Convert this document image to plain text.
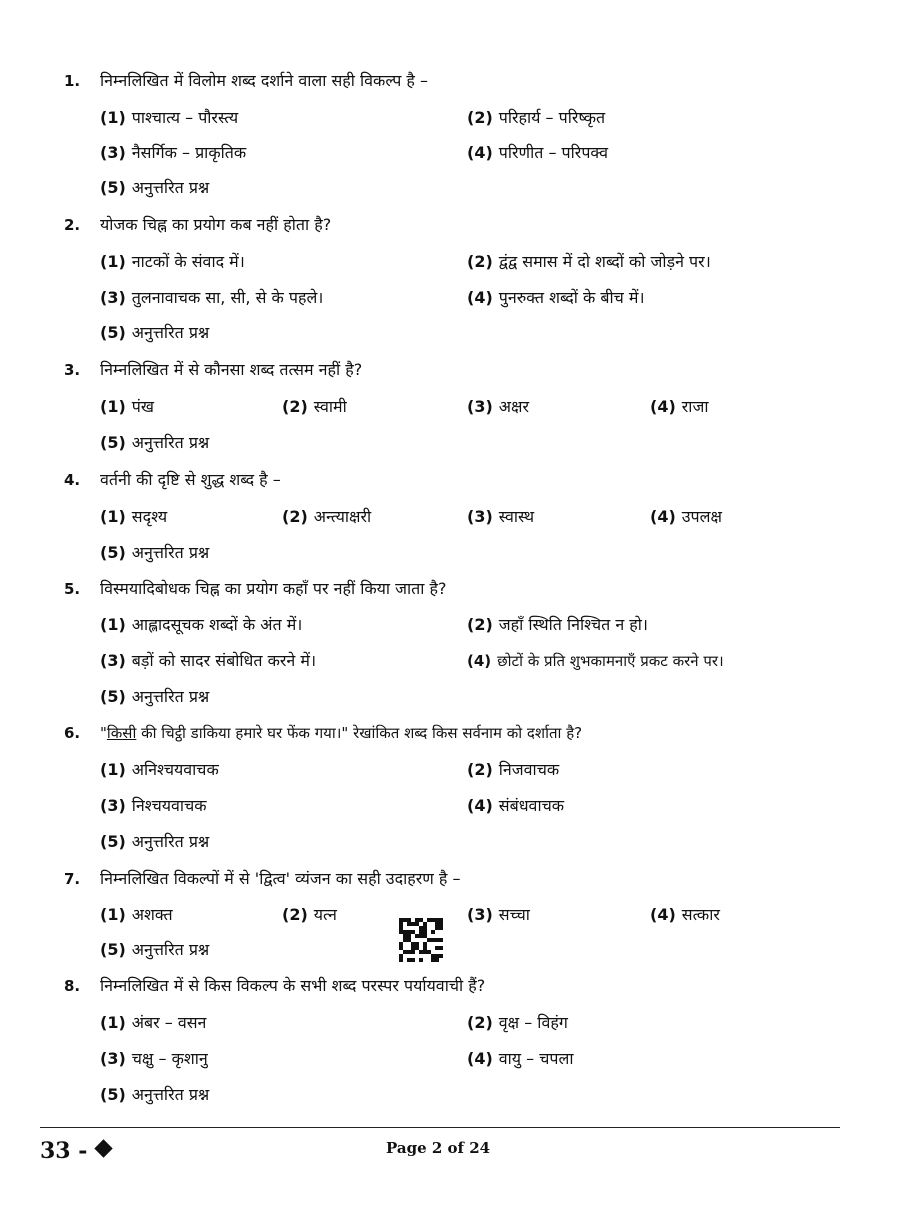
1. निम्नलिखित में विलोम शब्द दर्शाने वाला सही विकल्प है –
(1) पाश्चात्य – पौरस्त्य	(2) परिहार्य – परिष्कृत
(3) नैसर्गिक – प्राकृतिक	(4) परिणीत – परिपक्व
(5) अनुत्तरित प्रश्न
2. योजक चिह्न का प्रयोग कब नहीं होता है?
(1) नाटकों के संवाद में।	(2) द्वंद्व समास में दो शब्दों को जोड़ने पर।
(3) तुलनावाचक सा, सी, से के पहले।	(4) पुनरुक्त शब्दों के बीच में।
(5) अनुत्तरित प्रश्न
3. निम्नलिखित में से कौनसा शब्द तत्सम नहीं है?
(1) पंख	(2) स्वामी	(3) अक्षर	(4) राजा
(5) अनुत्तरित प्रश्न
4. वर्तनी की दृष्टि से शुद्ध शब्द है –
(1) सदृश्य	(2) अन्त्याक्षरी	(3) स्वास्थ	(4) उपलक्ष
(5) अनुत्तरित प्रश्न
5. विस्मयादिबोधक चिह्न का प्रयोग कहाँ पर नहीं किया जाता है?
(1) आह्लादसूचक शब्दों के अंत में।	(2) जहाँ स्थिति निश्चित न हो।
(3) बड़ों को सादर संबोधित करने में।	(4) छोटों के प्रति शुभकामनाएँ प्रकट करने पर।
(5) अनुत्तरित प्रश्न
6. "किसी की चिट्ठी डाकिया हमारे घर फेंक गया।" रेखांकित शब्द किस सर्वनाम को दर्शाता है?
(1) अनिश्चयवाचक	(2) निजवाचक
(3) निश्चयवाचक	(4) संबंधवाचक
(5) अनुत्तरित प्रश्न
7. निम्नलिखित विकल्पों में से 'द्वित्व' व्यंजन का सही उदाहरण है –
(1) अशक्त	(2) यत्न	(3) सच्चा	(4) सत्कार
(5) अनुत्तरित प्रश्न
8. निम्नलिखित में से किस विकल्प के सभी शब्द परस्पर पर्यायवाची हैं?
(1) अंबर – वसन	(2) वृक्ष – विहंग
(3) चक्षु – कृशानु	(4) वायु – चपला
(5) अनुत्तरित प्रश्न
33 -	Page 2 of 24
